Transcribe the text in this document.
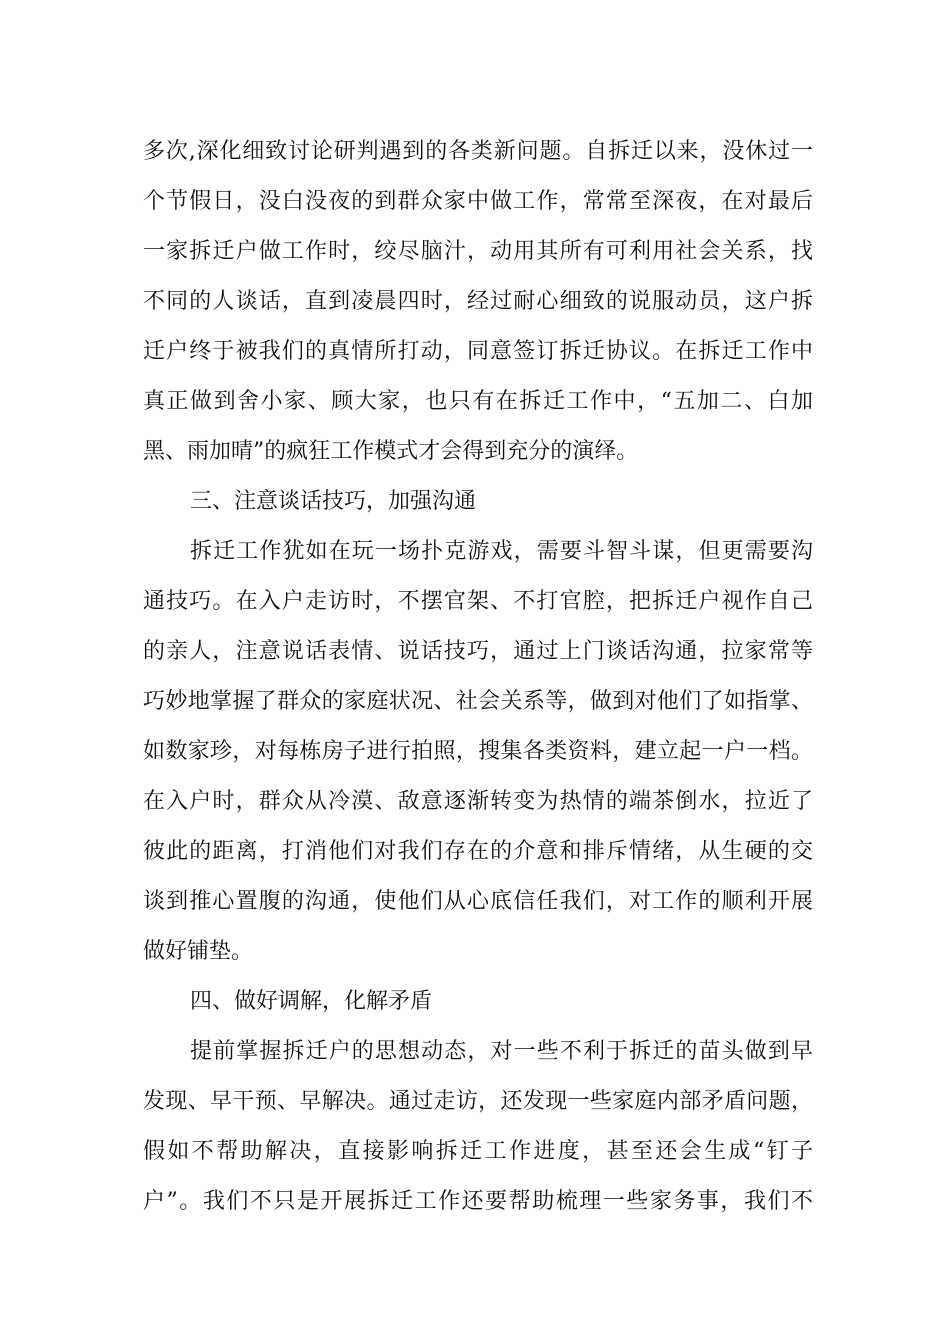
多次,深化细致讨论研判遇到的各类新问题。自拆迁以来，没休过一
个节假日，没白没夜的到群众家中做工作，常常至深夜，在对最后
一家拆迁户做工作时，绞尽脑汁，动用其所有可利用社会关系，找
不同的人谈话，直到凌晨四时，经过耐心细致的说服动员，这户拆
迁户终于被我们的真情所打动，同意签订拆迁协议。在拆迁工作中
真正做到舍小家、顾大家，也只有在拆迁工作中，“五加二、白加
黑、雨加晴”的疯狂工作模式才会得到充分的演绎。
三、注意谈话技巧，加强沟通
拆迁工作犹如在玩一场扑克游戏，需要斗智斗谋，但更需要沟
通技巧。在入户走访时，不摆官架、不打官腔，把拆迁户视作自己
的亲人，注意说话表情、说话技巧，通过上门谈话沟通，拉家常等
巧妙地掌握了群众的家庭状况、社会关系等，做到对他们了如指掌、
如数家珍，对每栋房子进行拍照，搜集各类资料，建立起一户一档。
在入户时，群众从冷漠、敌意逐渐转变为热情的端茶倒水，拉近了
彼此的距离，打消他们对我们存在的介意和排斥情绪，从生硬的交
谈到推心置腹的沟通，使他们从心底信任我们，对工作的顺利开展
做好铺垫。
四、做好调解，化解矛盾
提前掌握拆迁户的思想动态，对一些不利于拆迁的苗头做到早
发现、早干预、早解决。通过走访，还发现一些家庭内部矛盾问题，
假如不帮助解决，直接影响拆迁工作进度，甚至还会生成“钉子
户”。我们不只是开展拆迁工作还要帮助梳理一些家务事，我们不
